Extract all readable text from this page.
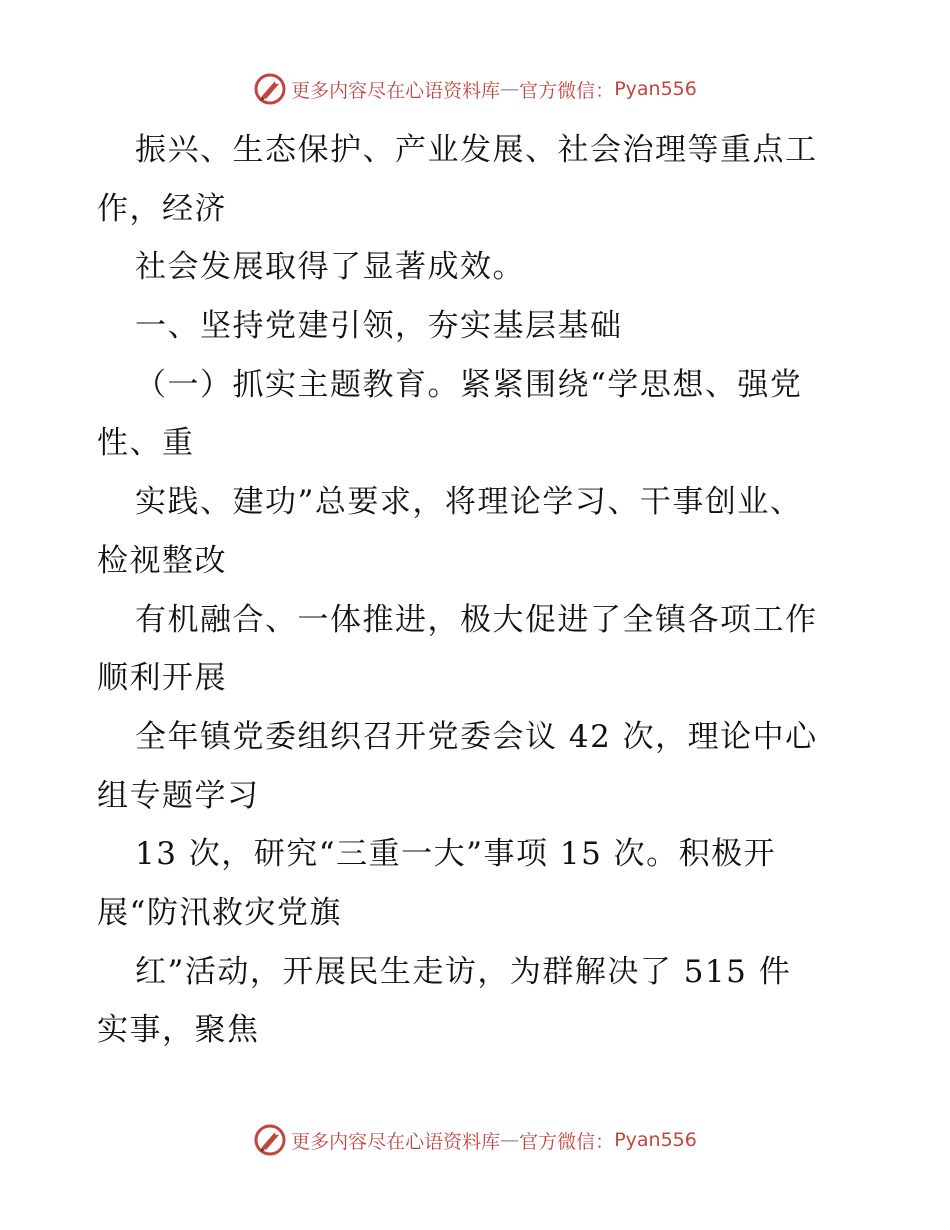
更多内容尽在心语资料库 — 官方微信： Pyan556
振兴、生态保护、产业发展、社会治理等重点工
作，经济
社会发展取得了显著成效。
一、坚持党建引领，夯实基层基础
（一）抓实主题教育。紧紧围绕“学思想、强党
性、重
实践、建功”总要求，将理论学习、干事创业、
检视整改
有机融合、一体推进，极大促进了全镇各项工作
顺利开展
全年镇党委组织召开党委会议 42 次，理论中心
组专题学习
13 次，研究“三重一大”事项 15 次。积极开
展“防汛救灾党旗
红”活动，开展民生走访，为群解决了 515 件
实事，聚焦
更多内容尽在心语资料库 — 官方微信： Pyan556
